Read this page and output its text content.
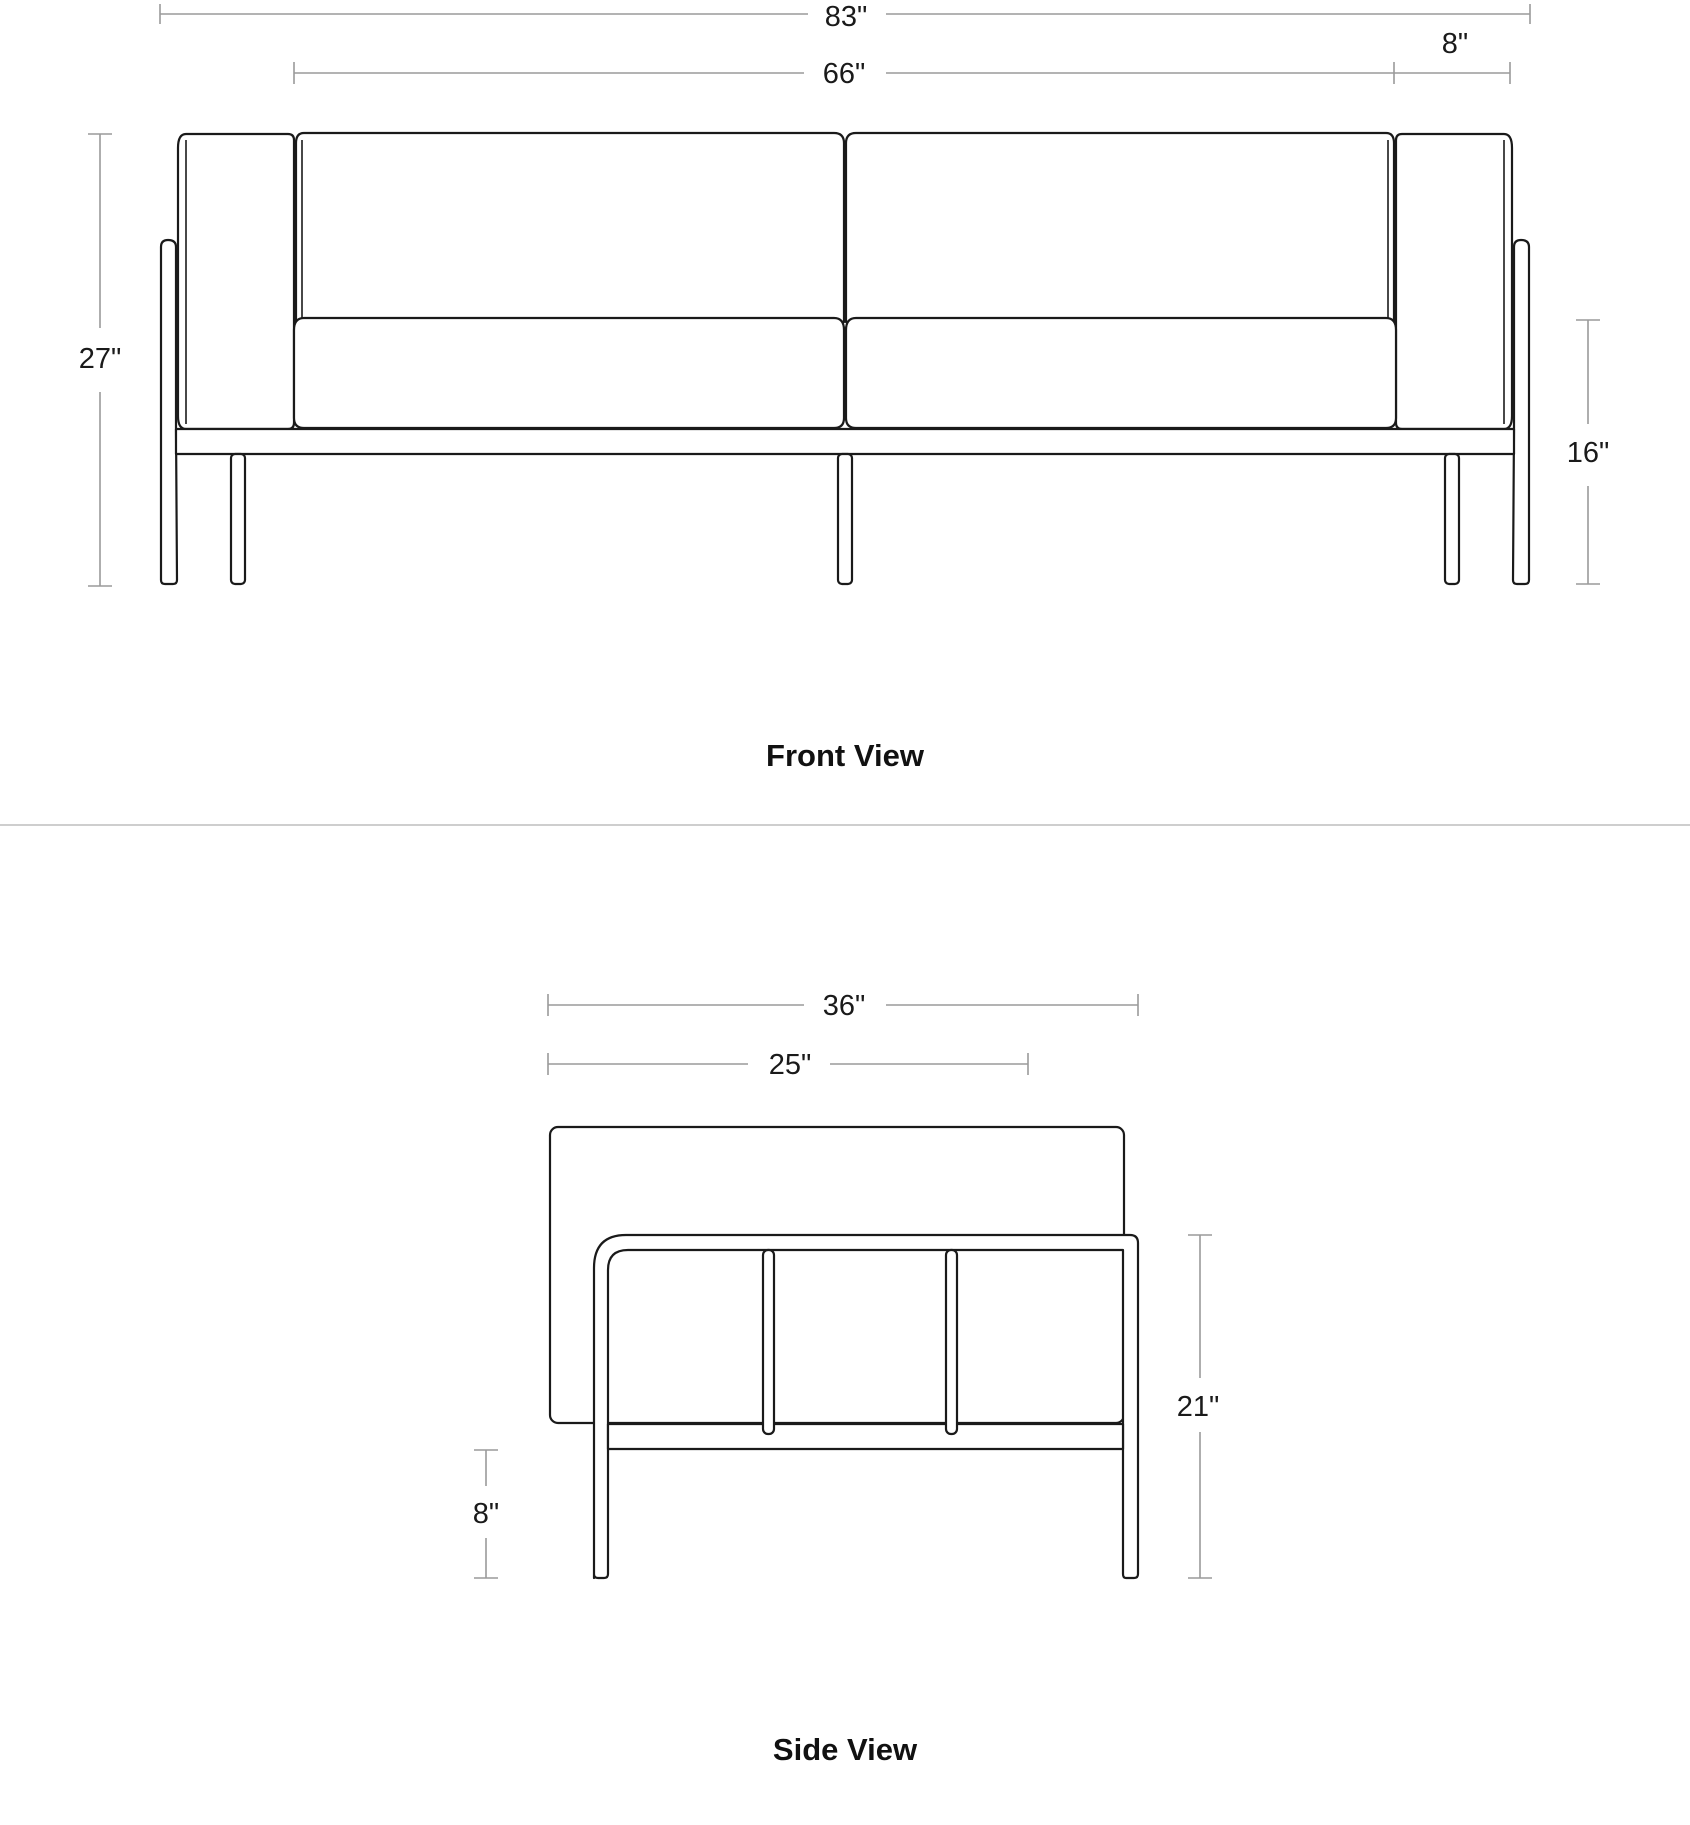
83"
66"
8"
27"
16"
Front View
36"
25"
21"
8"
Side View
